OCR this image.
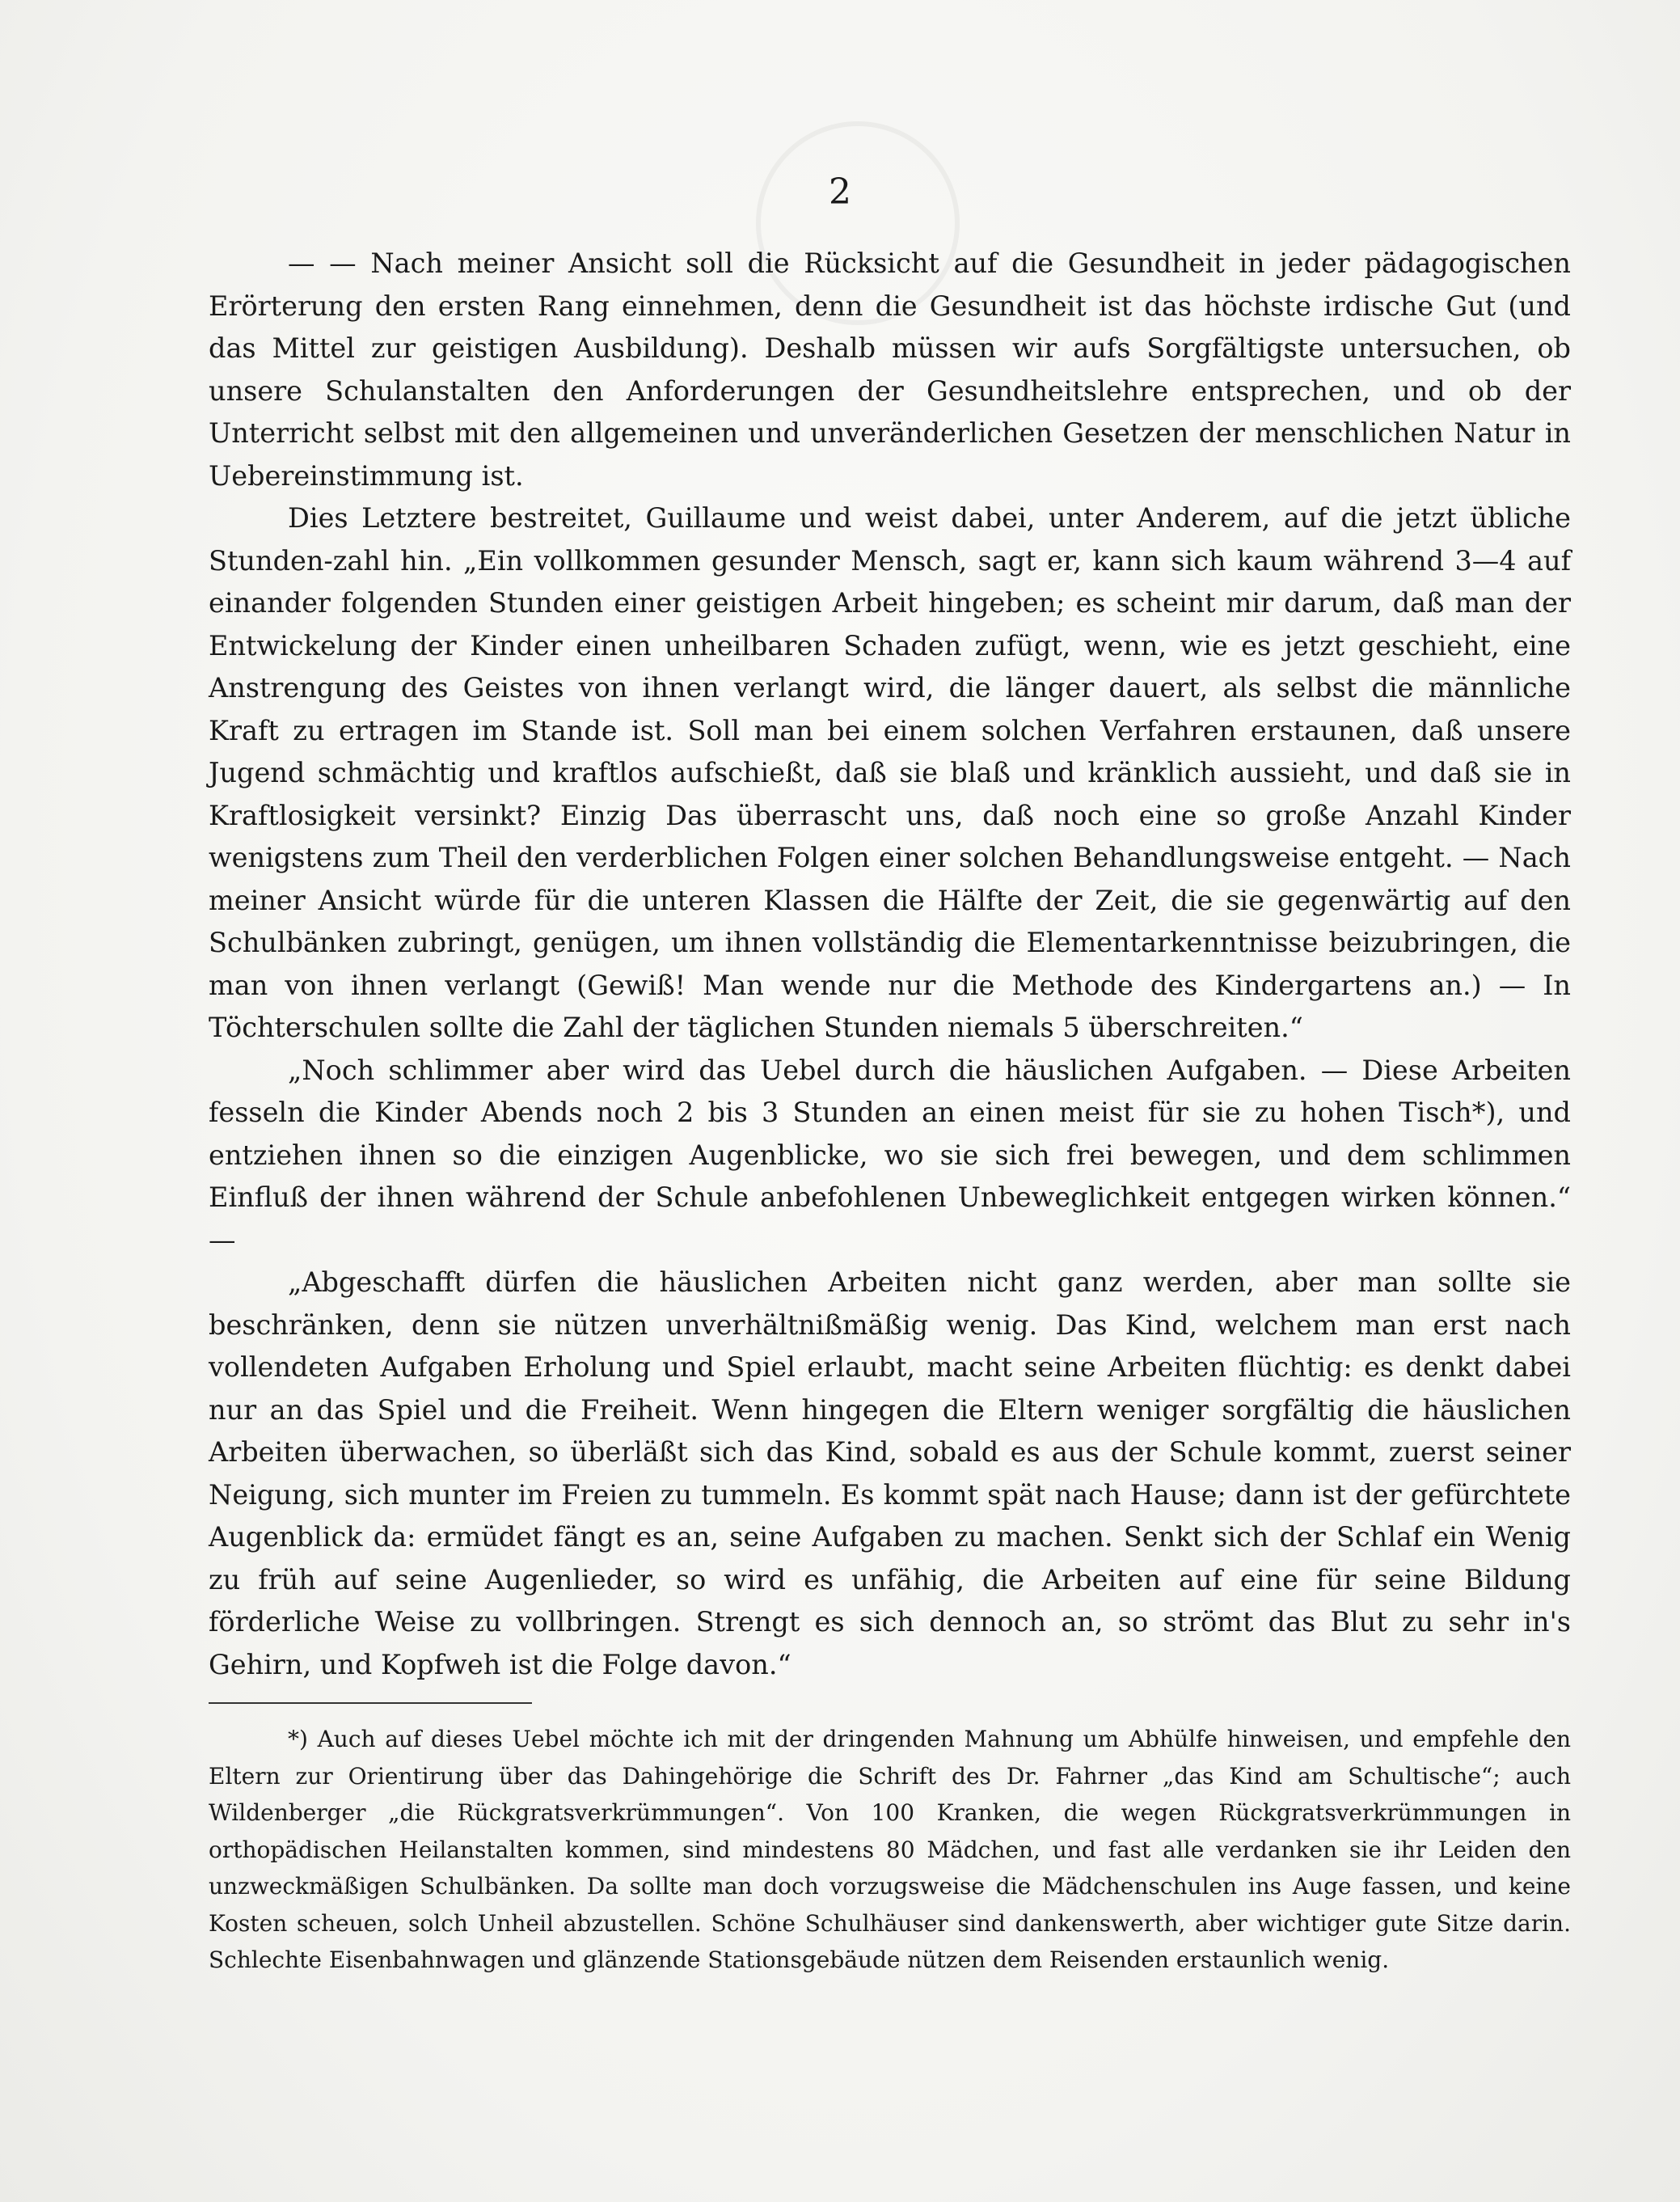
2

— — Nach meiner Ansicht soll die Rücksicht auf die Gesundheit in jeder pädagogischen Erörterung den ersten Rang einnehmen, denn die Gesundheit ist das höchste irdische Gut (und das Mittel zur geistigen Ausbildung). Deshalb müssen wir aufs Sorgfältigste untersuchen, ob unsere Schulanstalten den Anforderungen der Gesundheitslehre entsprechen, und ob der Unterricht selbst mit den allgemeinen und unveränderlichen Gesetzen der menschlichen Natur in Uebereinstimmung ist.

Dies Letztere bestreitet, Guillaume und weist dabei, unter Anderem, auf die jetzt übliche Stunden-zahl hin. „Ein vollkommen gesunder Mensch, sagt er, kann sich kaum während 3—4 auf einander folgenden Stunden einer geistigen Arbeit hingeben; es scheint mir darum, daß man der Entwickelung der Kinder einen unheilbaren Schaden zufügt, wenn, wie es jetzt geschieht, eine Anstrengung des Geistes von ihnen verlangt wird, die länger dauert, als selbst die männliche Kraft zu ertragen im Stande ist. Soll man bei einem solchen Verfahren erstaunen, daß unsere Jugend schmächtig und kraftlos aufschießt, daß sie blaß und kränklich aussieht, und daß sie in Kraftlosigkeit versinkt? Einzig Das überrascht uns, daß noch eine so große Anzahl Kinder wenigstens zum Theil den verderblichen Folgen einer solchen Behandlungsweise entgeht. — Nach meiner Ansicht würde für die unteren Klassen die Hälfte der Zeit, die sie gegenwärtig auf den Schulbänken zubringt, genügen, um ihnen vollständig die Elementarkenntnisse beizubringen, die man von ihnen verlangt (Gewiß! Man wende nur die Methode des Kindergartens an.) — In Töchterschulen sollte die Zahl der täglichen Stunden niemals 5 überschreiten.“

„Noch schlimmer aber wird das Uebel durch die häuslichen Aufgaben. — Diese Arbeiten fesseln die Kinder Abends noch 2 bis 3 Stunden an einen meist für sie zu hohen Tisch*), und entziehen ihnen so die einzigen Augenblicke, wo sie sich frei bewegen, und dem schlimmen Einfluß der ihnen während der Schule anbefohlenen Unbeweglichkeit entgegen wirken können.“ —

„Abgeschafft dürfen die häuslichen Arbeiten nicht ganz werden, aber man sollte sie beschränken, denn sie nützen unverhältnißmäßig wenig. Das Kind, welchem man erst nach vollendeten Aufgaben Erholung und Spiel erlaubt, macht seine Arbeiten flüchtig: es denkt dabei nur an das Spiel und die Freiheit. Wenn hingegen die Eltern weniger sorgfältig die häuslichen Arbeiten überwachen, so überläßt sich das Kind, sobald es aus der Schule kommt, zuerst seiner Neigung, sich munter im Freien zu tummeln. Es kommt spät nach Hause; dann ist der gefürchtete Augenblick da: ermüdet fängt es an, seine Aufgaben zu machen. Senkt sich der Schlaf ein Wenig zu früh auf seine Augenlieder, so wird es unfähig, die Arbeiten auf eine für seine Bildung förderliche Weise zu vollbringen. Strengt es sich dennoch an, so strömt das Blut zu sehr in's Gehirn, und Kopfweh ist die Folge davon.“

*) Auch auf dieses Uebel möchte ich mit der dringenden Mahnung um Abhülfe hinweisen, und empfehle den Eltern zur Orientirung über das Dahingehörige die Schrift des Dr. Fahrner „das Kind am Schultische“; auch Wildenberger „die Rückgratsverkrümmungen“. Von 100 Kranken, die wegen Rückgratsverkrümmungen in orthopädischen Heilanstalten kommen, sind mindestens 80 Mädchen, und fast alle verdanken sie ihr Leiden den unzweckmäßigen Schulbänken. Da sollte man doch vorzugsweise die Mädchenschulen ins Auge fassen, und keine Kosten scheuen, solch Unheil abzustellen. Schöne Schulhäuser sind dankenswerth, aber wichtiger gute Sitze darin. Schlechte Eisenbahnwagen und glänzende Stationsgebäude nützen dem Reisenden erstaunlich wenig.
